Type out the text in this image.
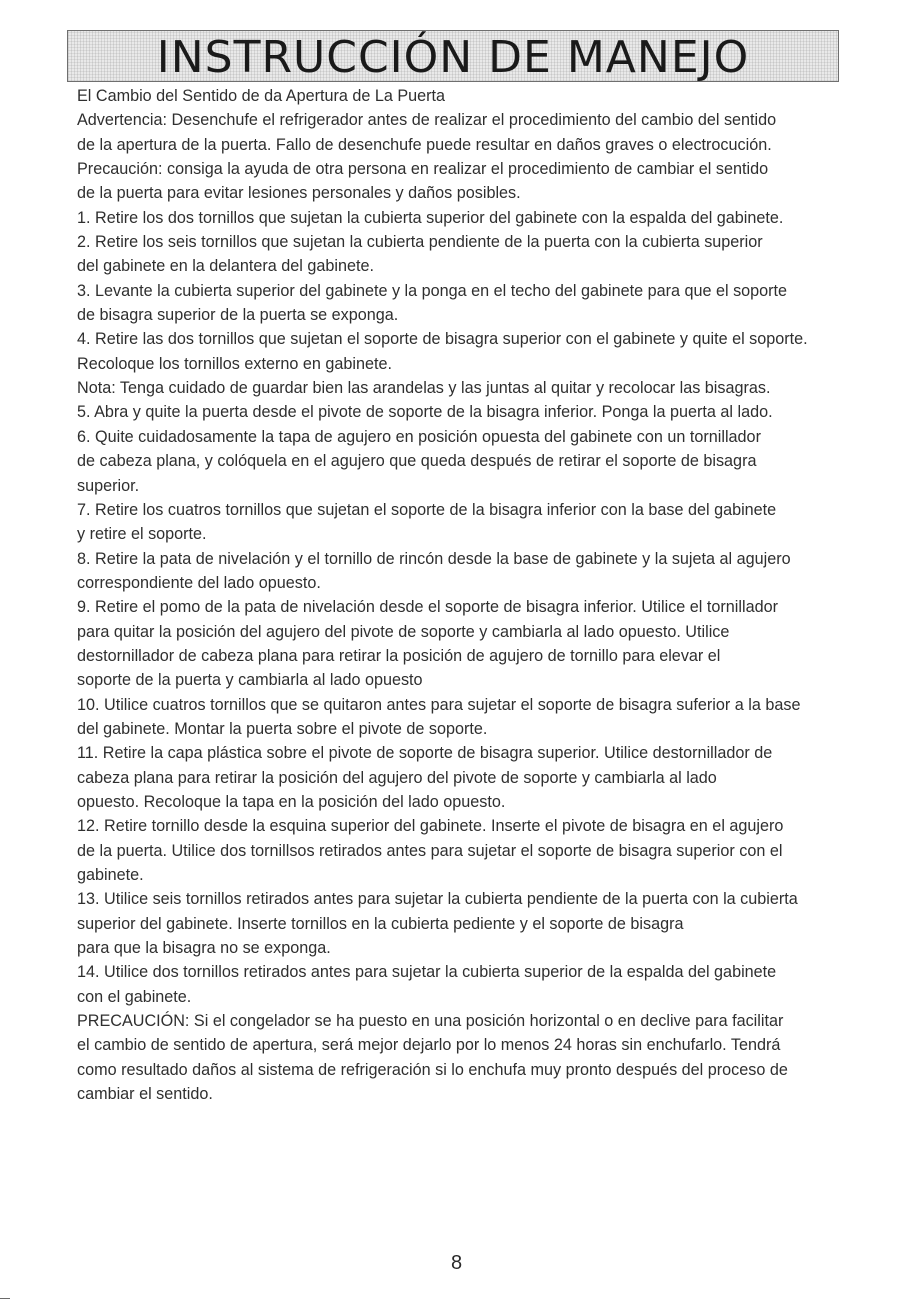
INSTRUCCIÓN DE MANEJO

El Cambio del Sentido de da Apertura de La Puerta

Advertencia: Desenchufe el refrigerador antes de realizar el procedimiento del cambio del sentido

de la apertura de la puerta. Fallo de desenchufe puede resultar en daños graves o electrocución.

Precaución: consiga la ayuda de otra persona en realizar el procedimiento de cambiar el sentido

de la puerta para evitar lesiones personales y daños posibles.

1. Retire los dos tornillos que sujetan la cubierta superior del gabinete con la espalda del gabinete.

2. Retire los seis tornillos que sujetan la cubierta pendiente de la puerta con la cubierta superior

del gabinete en la delantera del gabinete.

3. Levante la cubierta superior del gabinete y la ponga en el techo del gabinete para que el soporte

de bisagra superior de la puerta se exponga.

4. Retire las dos tornillos que sujetan el soporte de bisagra superior con el gabinete y quite el soporte.

Recoloque los tornillos externo en gabinete.

Nota: Tenga cuidado de guardar bien las arandelas y las juntas al quitar y recolocar las bisagras.

5. Abra y quite la puerta desde el pivote de soporte de la bisagra inferior. Ponga la puerta al lado.

6. Quite cuidadosamente la tapa de agujero en posición opuesta del gabinete con un tornillador

de cabeza plana, y colóquela en el agujero que queda después de retirar el soporte de bisagra

superior.

7. Retire los cuatros tornillos que sujetan el soporte de la bisagra inferior con la base del gabinete

y retire el soporte.

8. Retire la pata de nivelación y el tornillo de rincón desde la base de gabinete y la sujeta al agujero

correspondiente del lado opuesto.

9. Retire el pomo de la pata de nivelación desde el soporte de bisagra inferior. Utilice el tornillador

para quitar la posición del agujero del pivote de soporte y cambiarla al lado opuesto. Utilice

destornillador de cabeza plana para retirar la posición de agujero de tornillo para elevar el

soporte de la puerta y cambiarla al lado opuesto

10. Utilice cuatros tornillos que se quitaron antes para sujetar el soporte de bisagra suferior a la base

del gabinete. Montar la puerta sobre el pivote de soporte.

11. Retire la capa plástica sobre el pivote de soporte de bisagra superior. Utilice destornillador de

cabeza plana para retirar la posición del agujero del pivote de soporte y cambiarla al lado

opuesto. Recoloque la tapa en la posición del lado opuesto.

12. Retire tornillo desde la esquina superior del gabinete. Inserte el pivote de bisagra en el agujero

de la puerta. Utilice dos tornillsos retirados antes para sujetar el soporte de bisagra superior con el

gabinete.

13. Utilice seis tornillos retirados antes para sujetar la cubierta pendiente de la puerta con la cubierta

superior del gabinete. Inserte tornillos en la cubierta pediente y el soporte de bisagra

para que la bisagra no se exponga.

14. Utilice dos tornillos retirados antes para sujetar la cubierta superior de la espalda del gabinete

con el gabinete.

PRECAUCIÓN: Si el congelador se ha puesto en una posición horizontal o en declive para facilitar

el cambio de sentido de apertura, será mejor dejarlo por lo menos 24 horas sin enchufarlo. Tendrá

como resultado daños al sistema de refrigeración si lo enchufa muy pronto después del proceso de

cambiar el sentido.

8
